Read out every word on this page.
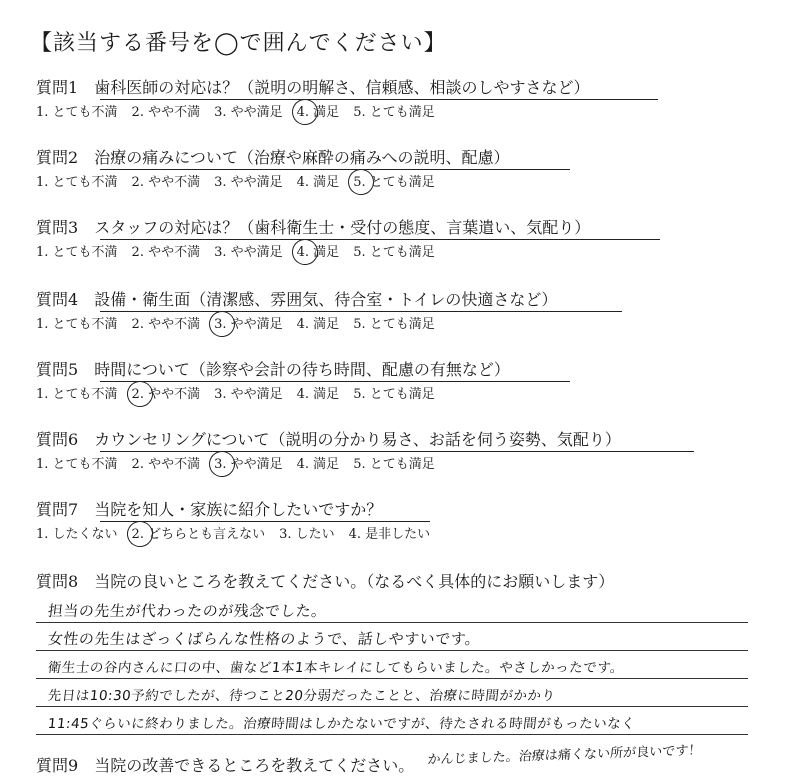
【該当する番号を◯で囲んでください】
質問1 歯科医師の対応は？（説明の明解さ、信頼感、相談のしやすさなど）
1. とても不満 2. やや不満 3. やや満足 4. 満足 5. とても満足
質問2 治療の痛みについて（治療や麻酔の痛みへの説明、配慮）
1. とても不満 2. やや不満 3. やや満足 4. 満足 5. とても満足
質問3 スタッフの対応は？（歯科衛生士・受付の態度、言葉遣い、気配り）
1. とても不満 2. やや不満 3. やや満足 4. 満足 5. とても満足
質問4 設備・衛生面（清潔感、雰囲気、待合室・トイレの快適さなど）
1. とても不満 2. やや不満 3. やや満足 4. 満足 5. とても満足
質問5 時間について（診察や会計の待ち時間、配慮の有無など）
1. とても不満 2. やや不満 3. やや満足 4. 満足 5. とても満足
質問6 カウンセリングについて（説明の分かり易さ、お話を伺う姿勢、気配り）
1. とても不満 2. やや不満 3. やや満足 4. 満足 5. とても満足
質問7 当院を知人・家族に紹介したいですか？
1. したくない 2. どちらとも言えない 3. したい 4. 是非したい
質問8 当院の良いところを教えてください。（なるべく具体的にお願いします）
担当の先生が代わったのが残念でした。
女性の先生はざっくばらんな性格のようで、話しやすいです。
衛生士の谷内さんに口の中、歯など1本1本キレイにしてもらいました。やさしかったです。
先日は10:30予約でしたが、待つこと20分弱だったことと、治療に時間がかかり
11:45ぐらいに終わりました。治療時間はしかたないですが、待たされる時間がもったいなく
かんじました。治療は痛くない所が良いです！
質問9 当院の改善できるところを教えてください。
